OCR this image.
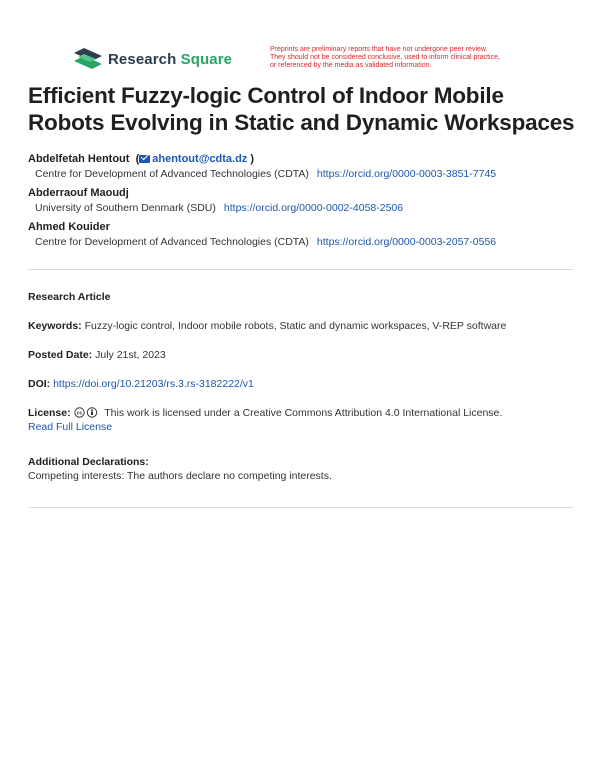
Research Square
Preprints are preliminary reports that have not undergone peer review.
They should not be considered conclusive, used to inform clinical practice,
or referenced by the media as validated information.
Efficient Fuzzy-logic Control of Indoor Mobile
Robots Evolving in Static and Dynamic Workspaces
Abdelfetah Hentout  ( ahentout@cdta.dz )
Centre for Development of Advanced Technologies (CDTA) https://orcid.org/0000-0003-3851-7745
Abderraouf Maoudj
University of Southern Denmark (SDU) https://orcid.org/0000-0002-4058-2506
Ahmed Kouider
Centre for Development of Advanced Technologies (CDTA) https://orcid.org/0000-0003-2057-0556
Research Article
Keywords: Fuzzy-logic control, Indoor mobile robots, Static and dynamic workspaces, V-REP software
Posted Date: July 21st, 2023
DOI: https://doi.org/10.21203/rs.3.rs-3182222/v1
License: cc This work is licensed under a Creative Commons Attribution 4.0 International License.
Read Full License
Additional Declarations:
Competing interests: The authors declare no competing interests.
